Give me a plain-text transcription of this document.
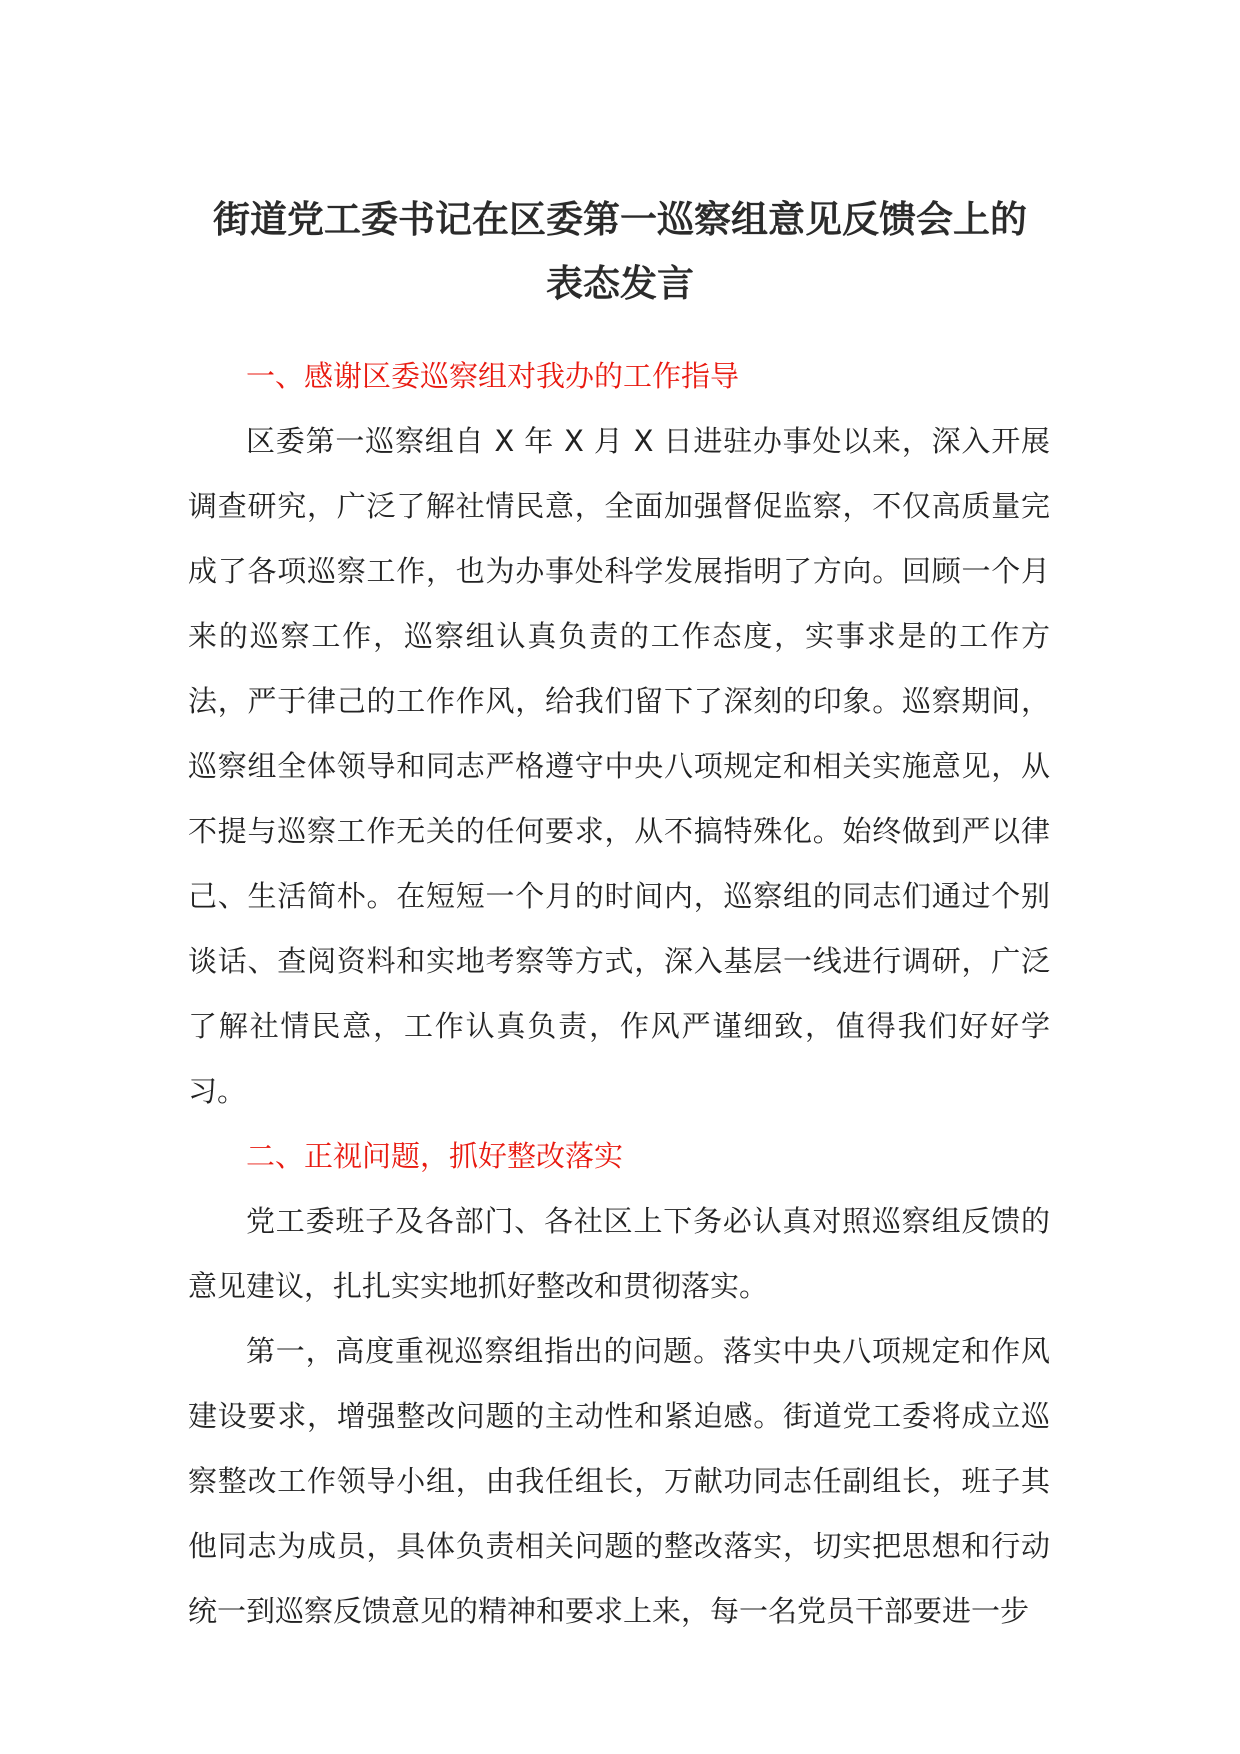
街道党工委书记在区委第一巡察组意见反馈会上的表态发言

一、感谢区委巡察组对我办的工作指导

区委第一巡察组自 X 年 X 月 X 日进驻办事处以来，深入开展调查研究，广泛了解社情民意，全面加强督促监察，不仅高质量完成了各项巡察工作，也为办事处科学发展指明了方向。回顾一个月来的巡察工作，巡察组认真负责的工作态度，实事求是的工作方法，严于律己的工作作风，给我们留下了深刻的印象。巡察期间，巡察组全体领导和同志严格遵守中央八项规定和相关实施意见，从不提与巡察工作无关的任何要求，从不搞特殊化。始终做到严以律己、生活简朴。在短短一个月的时间内，巡察组的同志们通过个别谈话、查阅资料和实地考察等方式，深入基层一线进行调研，广泛了解社情民意，工作认真负责，作风严谨细致，值得我们好好学习。

二、正视问题，抓好整改落实

党工委班子及各部门、各社区上下务必认真对照巡察组反馈的意见建议，扎扎实实地抓好整改和贯彻落实。

第一，高度重视巡察组指出的问题。落实中央八项规定和作风建设要求，增强整改问题的主动性和紧迫感。街道党工委将成立巡察整改工作领导小组，由我任组长，万献功同志任副组长，班子其他同志为成员，具体负责相关问题的整改落实，切实把思想和行动统一到巡察反馈意见的精神和要求上来，每一名党员干部要进一步
